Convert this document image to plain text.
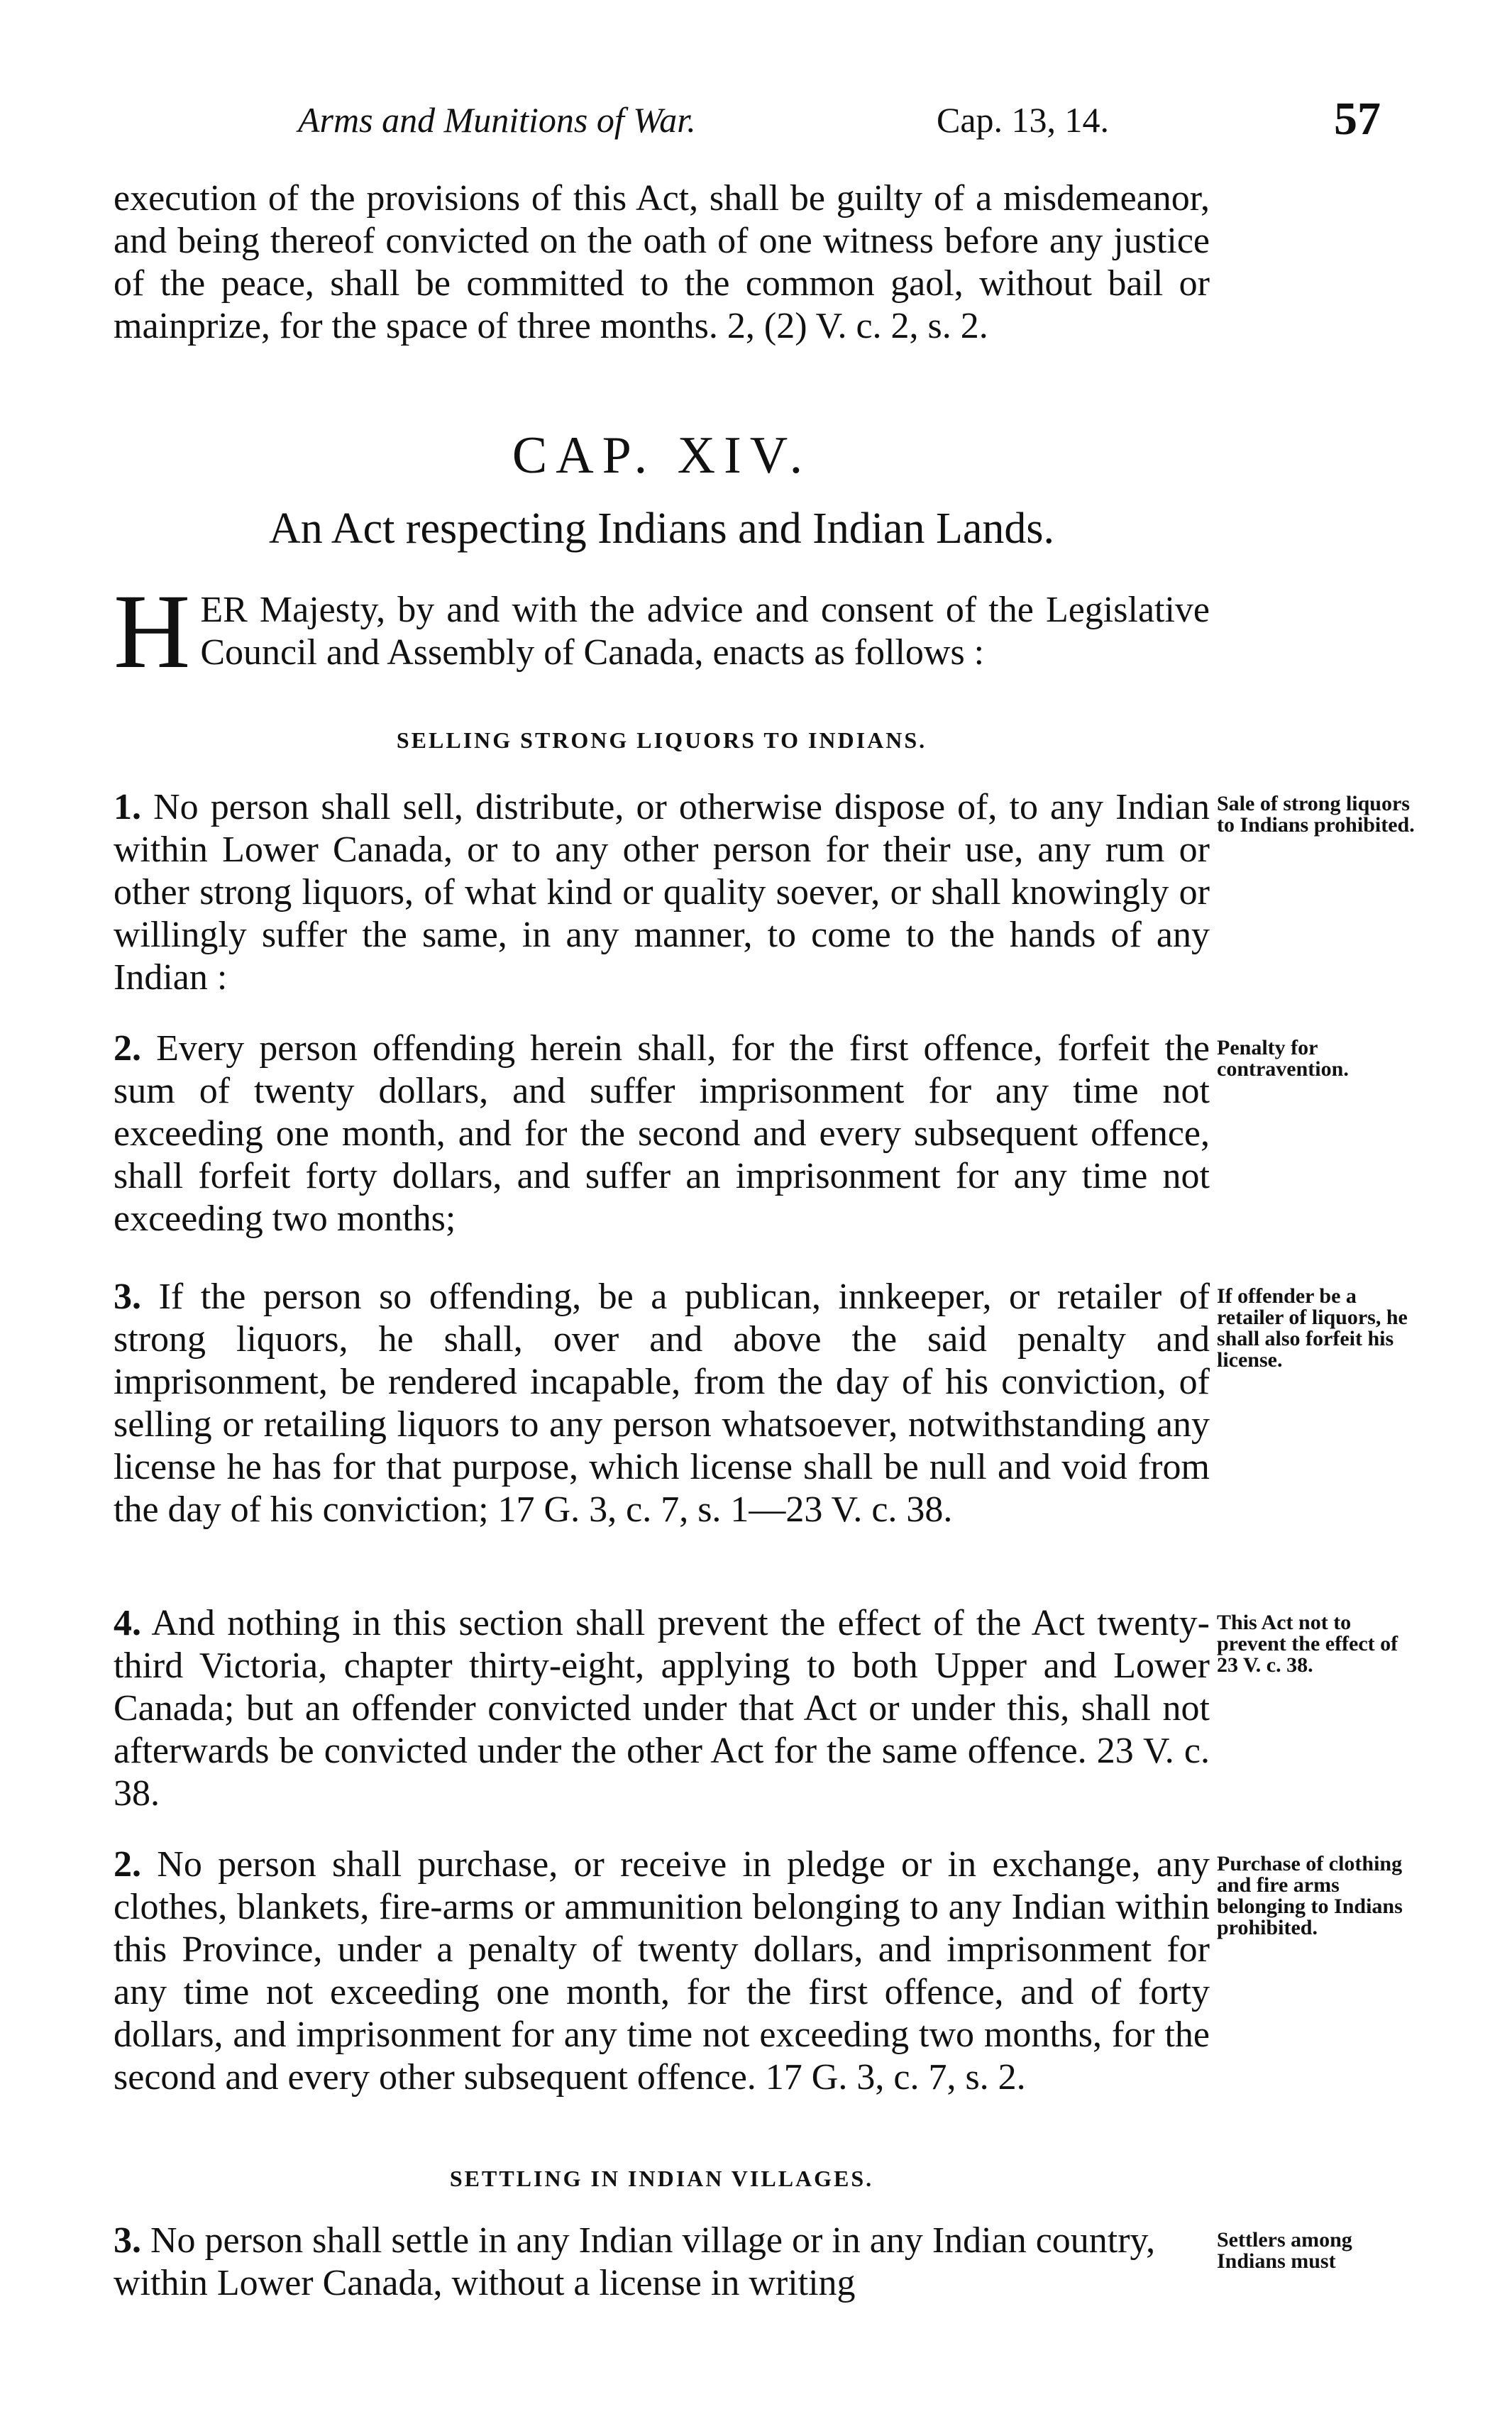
Arms and Munitions of War.	Cap. 13, 14.	57

execution of the provisions of this Act, shall be guilty of a misdemeanor, and being thereof convicted on the oath of one witness before any justice of the peace, shall be committed to the common gaol, without bail or mainprize, for the space of three months. 2, (2) V. c. 2, s. 2.

CAP. XIV.
An Act respecting Indians and Indian Lands.

HER Majesty, by and with the advice and consent of the Legislative Council and Assembly of Canada, enacts as follows :

SELLING STRONG LIQUORS TO INDIANS.

1. No person shall sell, distribute, or otherwise dispose of, to any Indian within Lower Canada, or to any other person for their use, any rum or other strong liquors, of what kind or quality soever, or shall knowingly or willingly suffer the same, in any manner, to come to the hands of any Indian :

Sale of strong liquors to Indians prohibited.

2. Every person offending herein shall, for the first offence, forfeit the sum of twenty dollars, and suffer imprisonment for any time not exceeding one month, and for the second and every subsequent offence, shall forfeit forty dollars, and suffer an imprisonment for any time not exceeding two months;

Penalty for contravention.

3. If the person so offending, be a publican, innkeeper, or retailer of strong liquors, he shall, over and above the said penalty and imprisonment, be rendered incapable, from the day of his conviction, of selling or retailing liquors to any person whatsoever, notwithstanding any license he has for that purpose, which license shall be null and void from the day of his conviction; 17 G. 3, c. 7, s. 1—23 V. c. 38.

If offender be a retailer of liquors, he shall also forfeit his license.

4. And nothing in this section shall prevent the effect of the Act twenty-third Victoria, chapter thirty-eight, applying to both Upper and Lower Canada; but an offender convicted under that Act or under this, shall not afterwards be convicted under the other Act for the same offence. 23 V. c. 38.

This Act not to prevent the effect of 23 V. c. 38.

2. No person shall purchase, or receive in pledge or in exchange, any clothes, blankets, fire-arms or ammunition belonging to any Indian within this Province, under a penalty of twenty dollars, and imprisonment for any time not exceeding one month, for the first offence, and of forty dollars, and imprisonment for any time not exceeding two months, for the second and every other subsequent offence. 17 G. 3, c. 7, s. 2.

Purchase of clothing and fire arms belonging to Indians prohibited.
SETTLING IN INDIAN VILLAGES.

3. No person shall settle in any Indian village or in any Indian country, within Lower Canada, without a license in writing

Settlers among Indians must
